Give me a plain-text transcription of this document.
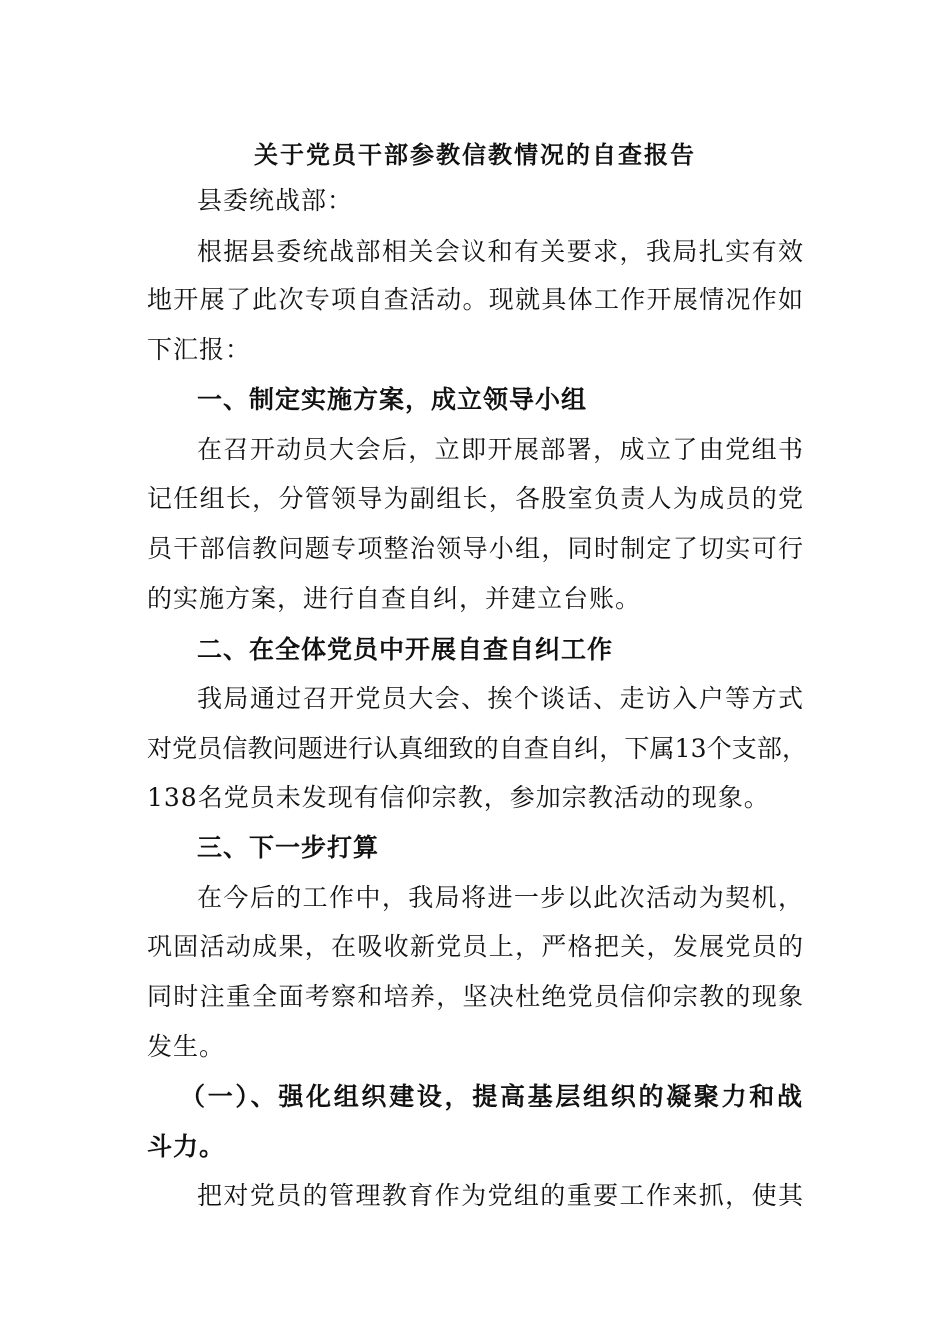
关于党员干部参教信教情况的自查报告
县委统战部：
根据县委统战部相关会议和有关要求，我局扎实有效
地开展了此次专项自查活动。现就具体工作开展情况作如
下汇报：
一、制定实施方案，成立领导小组
在召开动员大会后，立即开展部署，成立了由党组书
记任组长，分管领导为副组长，各股室负责人为成员的党
员干部信教问题专项整治领导小组，同时制定了切实可行
的实施方案，进行自查自纠，并建立台账。
二、在全体党员中开展自查自纠工作
我局通过召开党员大会、挨个谈话、走访入户等方式
对党员信教问题进行认真细致的自查自纠，下属13个支部，
138名党员未发现有信仰宗教，参加宗教活动的现象。
三、下一步打算
在今后的工作中，我局将进一步以此次活动为契机，
巩固活动成果，在吸收新党员上，严格把关，发展党员的
同时注重全面考察和培养，坚决杜绝党员信仰宗教的现象
发生。
（一）、强化组织建设，提高基层组织的凝聚力和战
斗力。
把对党员的管理教育作为党组的重要工作来抓，使其
